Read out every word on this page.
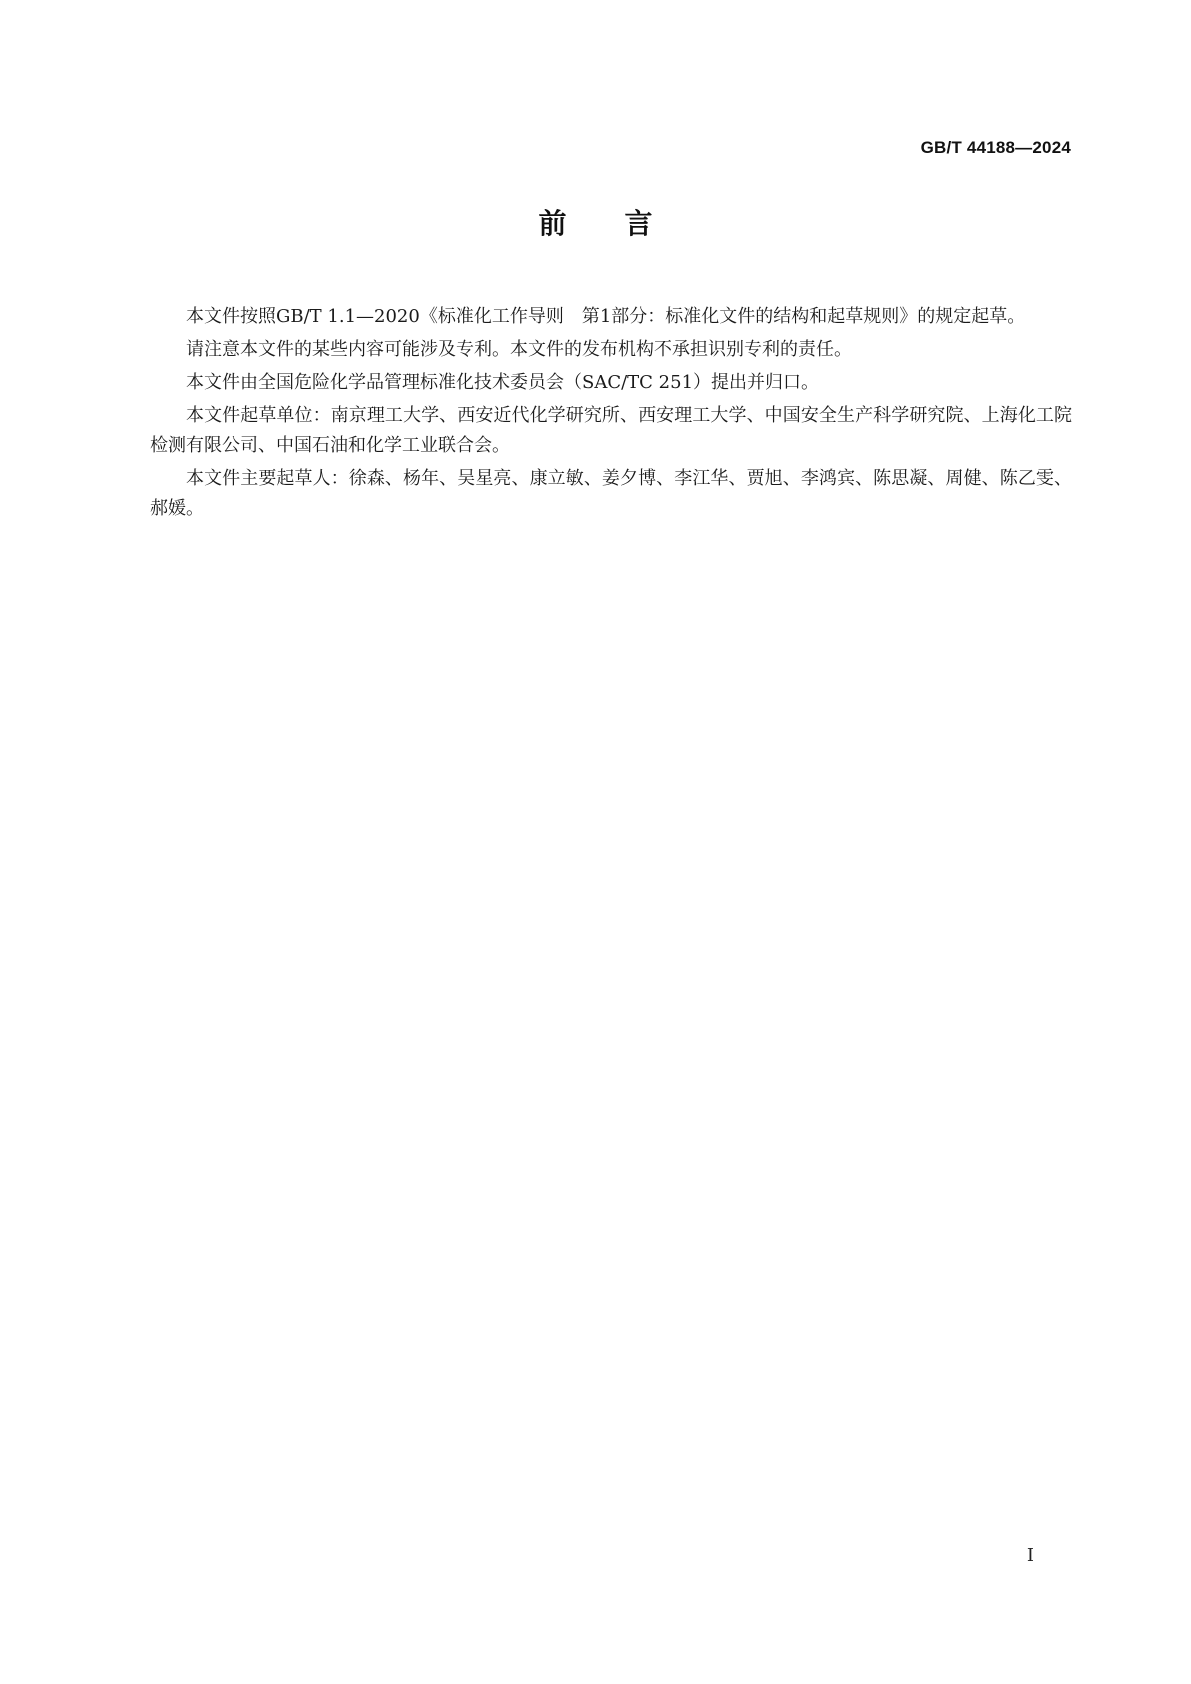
GB/T 44188—2024
前言

本文件按照GB/T 1.1—2020《标准化工作导则　第1部分：标准化文件的结构和起草规则》的规定起草。

请注意本文件的某些内容可能涉及专利。本文件的发布机构不承担识别专利的责任。

本文件由全国危险化学品管理标准化技术委员会（SAC/TC 251）提出并归口。

本文件起草单位：南京理工大学、西安近代化学研究所、西安理工大学、中国安全生产科学研究院、上海化工院检测有限公司、中国石油和化学工业联合会。

本文件主要起草人：徐森、杨年、吴星亮、康立敏、姜夕博、李江华、贾旭、李鸿宾、陈思凝、周健、陈乙雯、郝媛。

I
